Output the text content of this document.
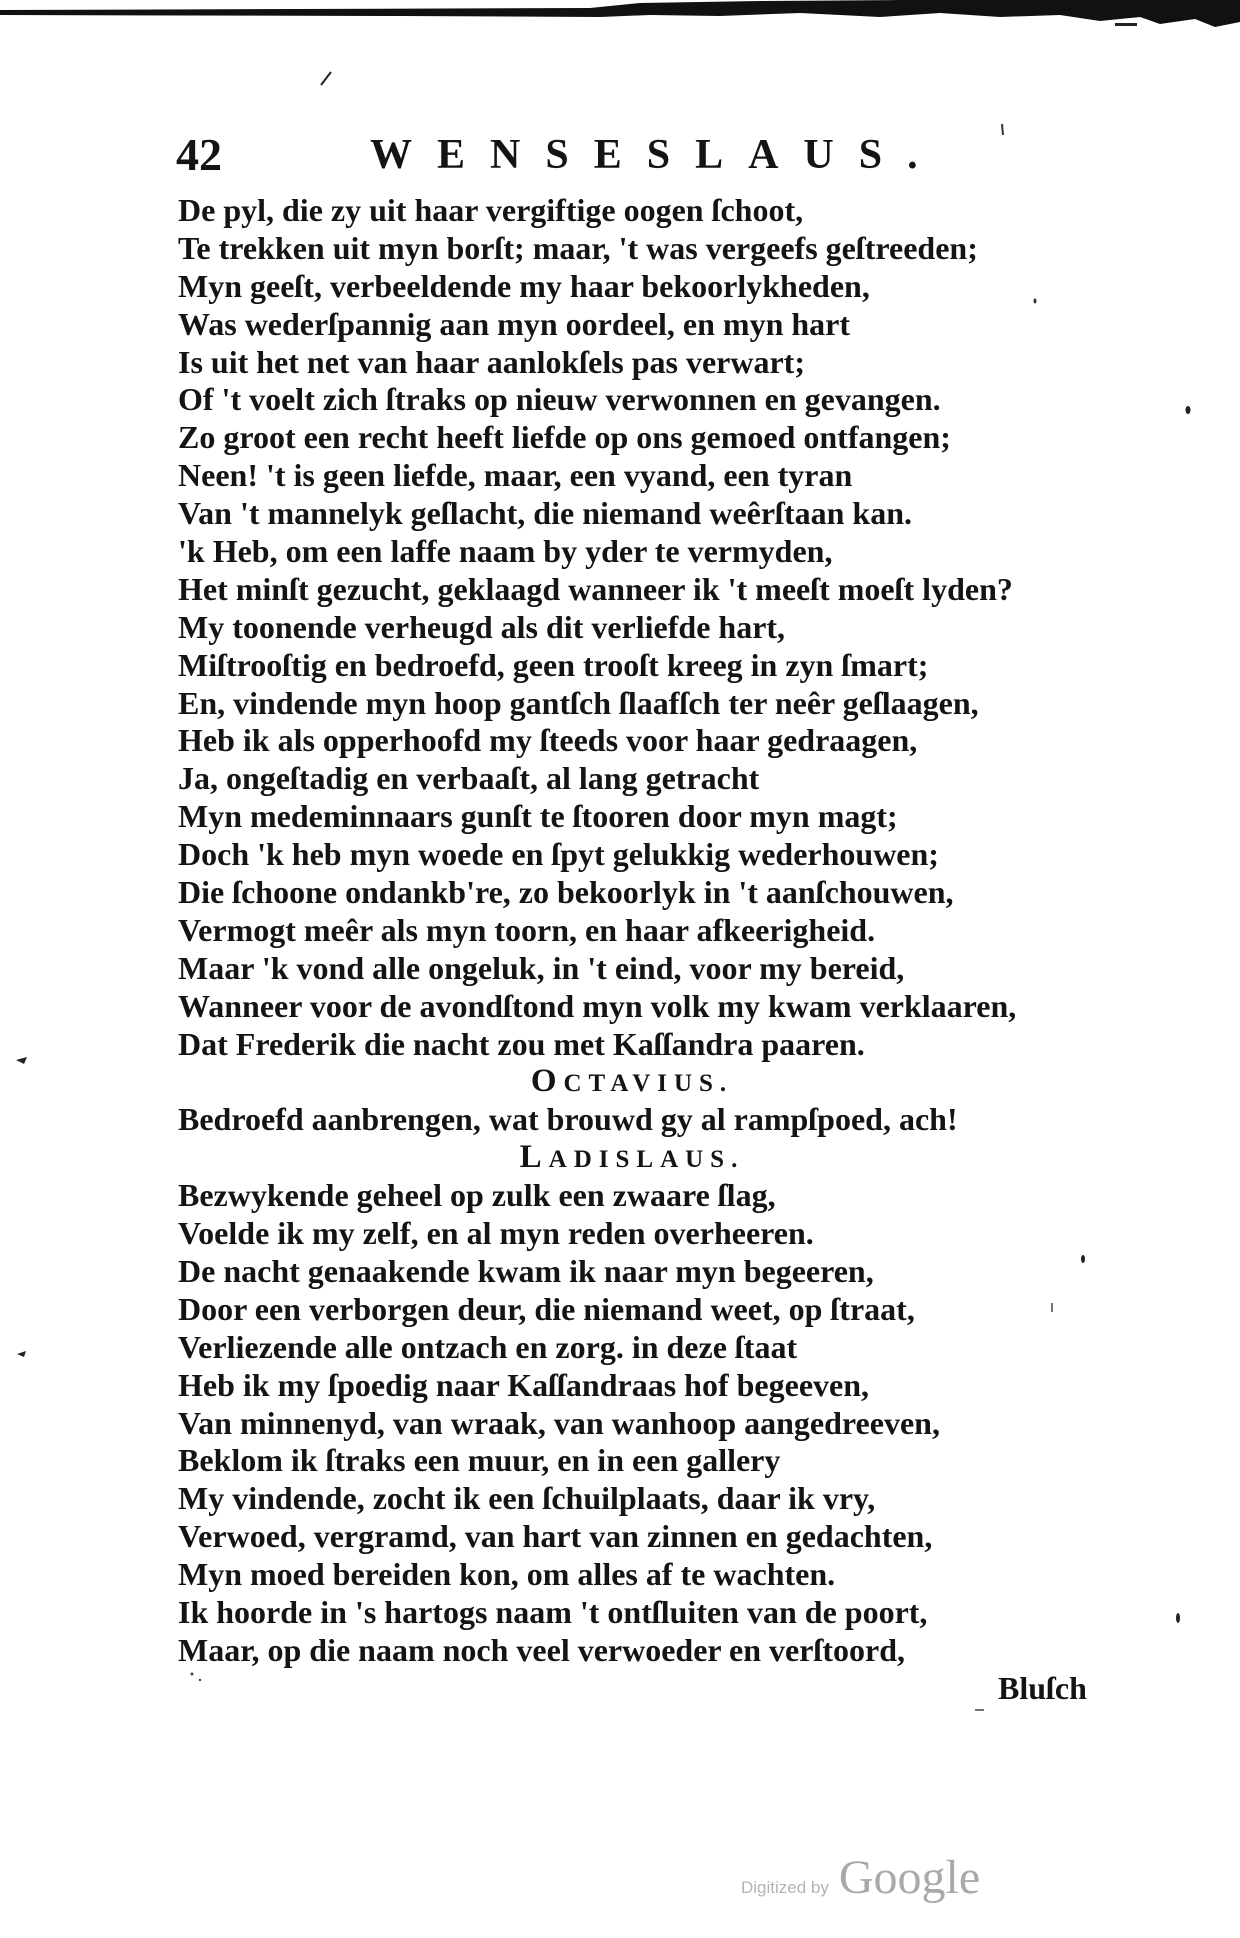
42	WENSESLAUS.
De pyl, die zy uit haar vergiftige oogen ſchoot,
Te trekken uit myn borſt; maar, 't was vergeefs geſtreeden;
Myn geeſt, verbeeldende my haar bekoorlykheden,
Was wederſpannig aan myn oordeel, en myn hart
Is uit het net van haar aanlokſels pas verwart;
Of 't voelt zich ſtraks op nieuw verwonnen en gevangen.
Zo groot een recht heeft liefde op ons gemoed ontfangen;
Neen! 't is geen liefde, maar, een vyand, een tyran
Van 't mannelyk geſlacht, die niemand weêrſtaan kan.
'k Heb, om een laffe naam by yder te vermyden,
Het minſt gezucht, geklaagd wanneer ik 't meeſt moeſt lyden?
My toonende verheugd als dit verliefde hart,
Miſtrooſtig en bedroefd, geen trooſt kreeg in zyn ſmart;
En, vindende myn hoop gantſch ſlaafſch ter neêr geſlaagen,
Heb ik als opperhoofd my ſteeds voor haar gedraagen,
Ja, ongeſtadig en verbaaſt, al lang getracht
Myn medeminnaars gunſt te ſtooren door myn magt;
Doch 'k heb myn woede en ſpyt gelukkig wederhouwen;
Die ſchoone ondankb're, zo bekoorlyk in 't aanſchouwen,
Vermogt meêr als myn toorn, en haar afkeerigheid.
Maar 'k vond alle ongeluk, in 't eind, voor my bereid,
Wanneer voor de avondſtond myn volk my kwam verklaaren,
Dat Frederik die nacht zou met Kaſſandra paaren.
OCTAVIUS.
Bedroefd aanbrengen, wat brouwd gy al rampſpoed, ach!
LADISLAUS.
Bezwykende geheel op zulk een zwaare ſlag,
Voelde ik my zelf, en al myn reden overheeren.
De nacht genaakende kwam ik naar myn begeeren,
Door een verborgen deur, die niemand weet, op ſtraat,
Verliezende alle ontzach en zorg. in deze ſtaat
Heb ik my ſpoedig naar Kaſſandraas hof begeeven,
Van minnenyd, van wraak, van wanhoop aangedreeven,
Beklom ik ſtraks een muur, en in een gallery
My vindende, zocht ik een ſchuilplaats, daar ik vry,
Verwoed, vergramd, van hart van zinnen en gedachten,
Myn moed bereiden kon, om alles af te wachten.
Ik hoorde in 's hartogs naam 't ontſluiten van de poort,
Maar, op die naam noch veel verwoeder en verſtoord,
Bluſch
Digitized by Google
